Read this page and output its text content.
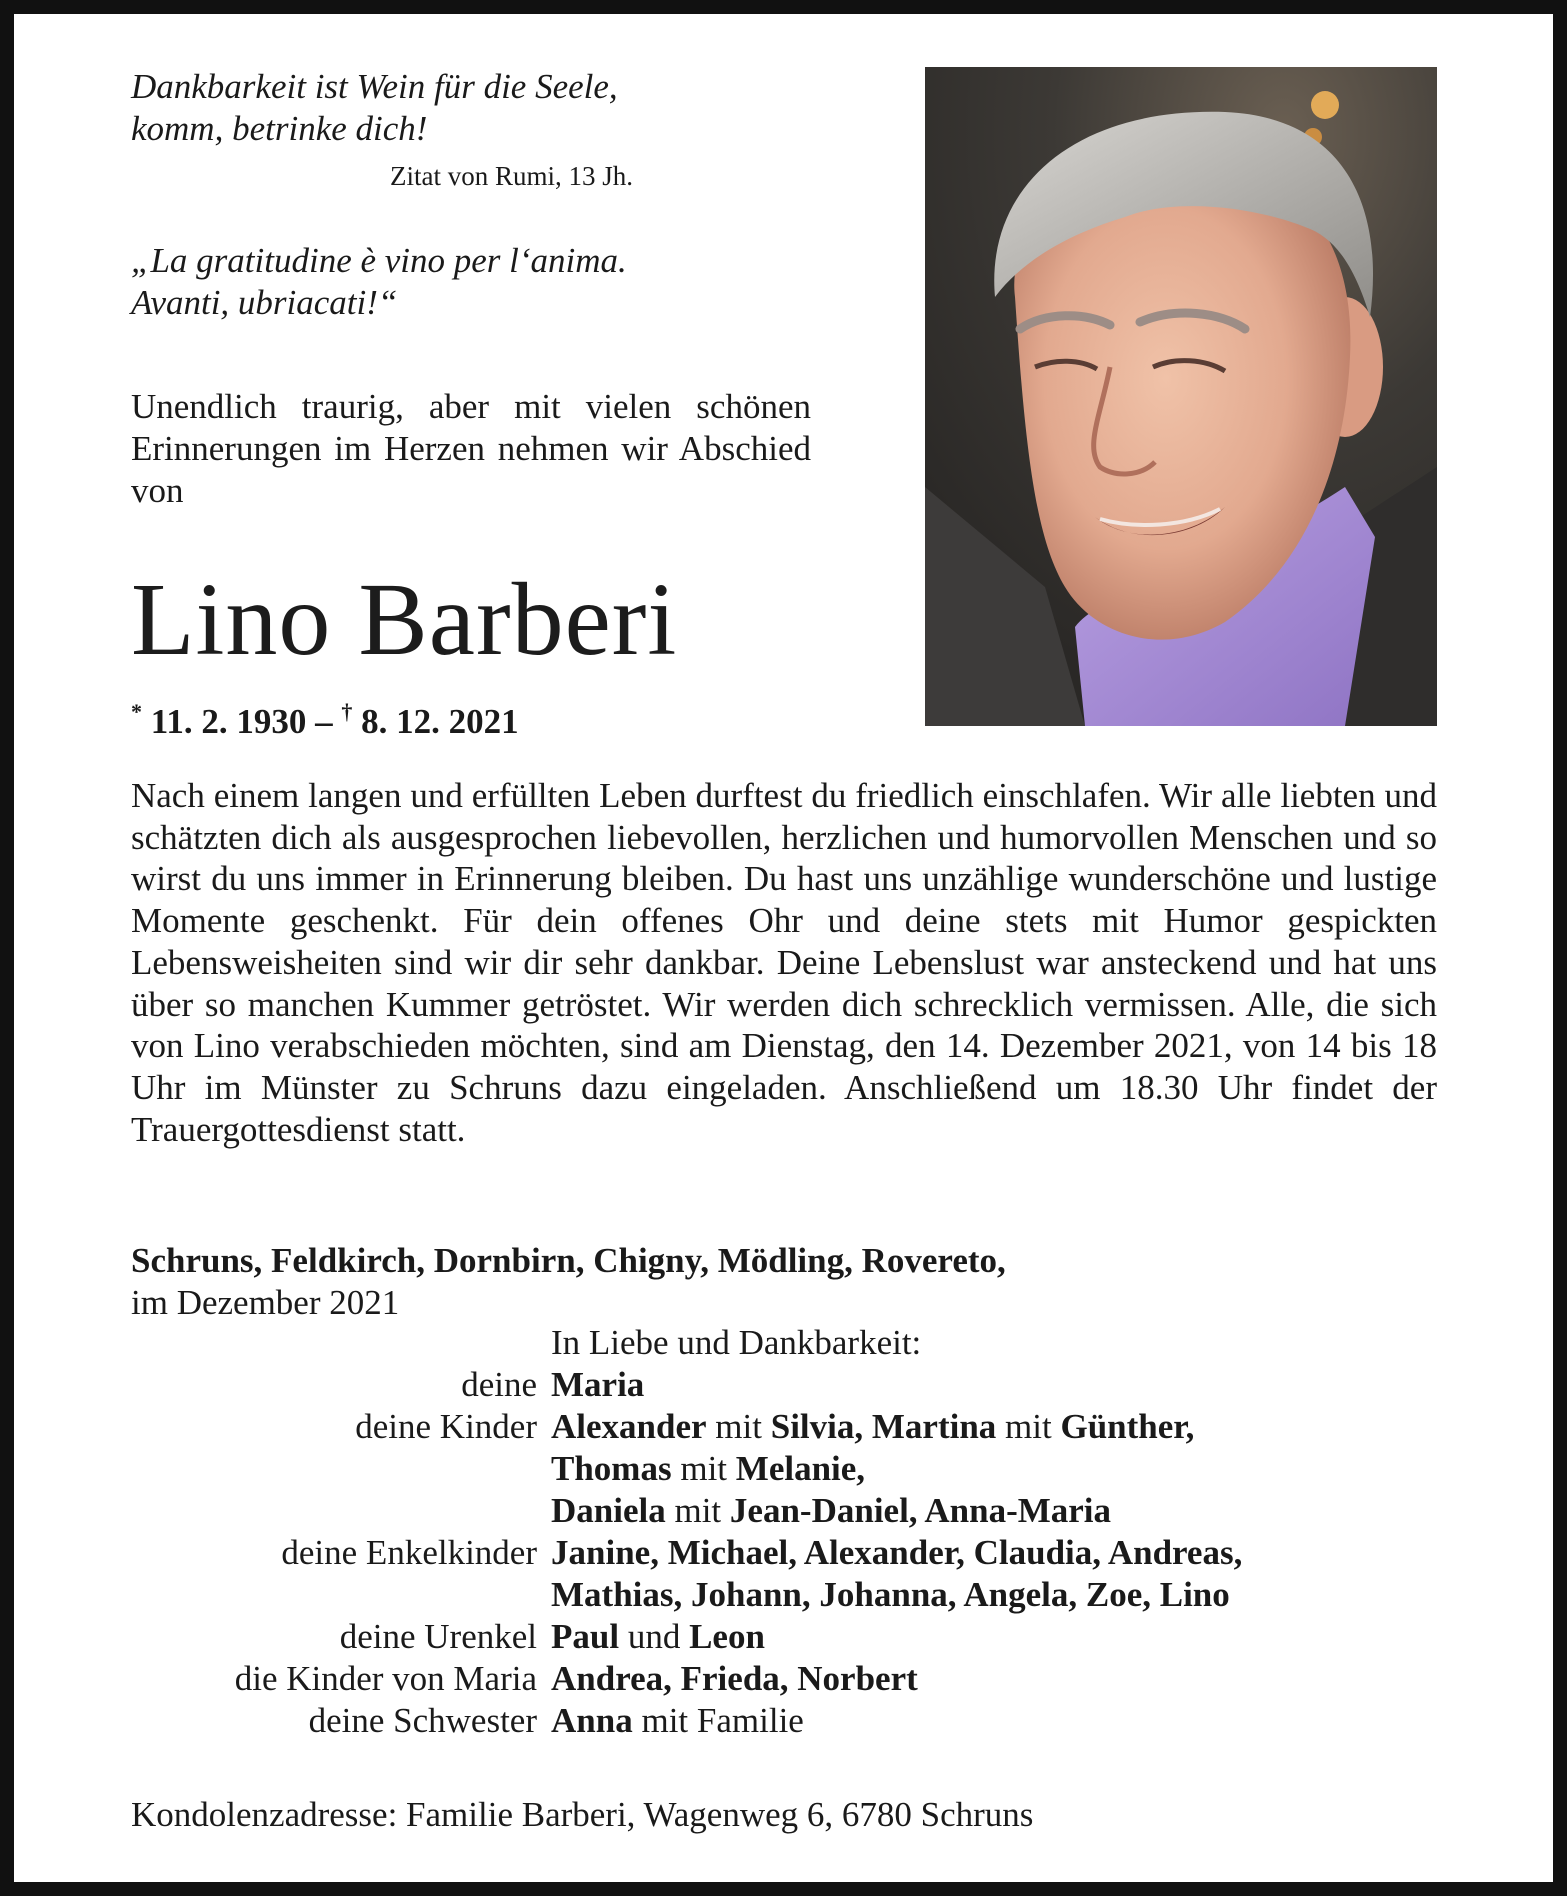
Dankbarkeit ist Wein für die Seele,
komm, betrinke dich!
Zitat von Rumi, 13 Jh.
„La gratitudine è vino per l‘anima.
Avanti, ubriacati!“

Unendlich traurig, aber mit vielen schönen Erinnerungen im Herzen nehmen wir Abschied von

Lino Barberi
* 11. 2. 1930 – † 8. 12. 2021
Nach einem langen und erfüllten Leben durftest du friedlich einschlafen. Wir alle liebten und schätzten dich als ausgesprochen liebevollen, herzlichen und humorvollen Menschen und so wirst du uns immer in Erinnerung bleiben. Du hast uns unzählige wunderschöne und lustige Momente geschenkt. Für dein offenes Ohr und deine stets mit Humor gespickten Lebensweisheiten sind wir dir sehr dankbar. Deine Lebenslust war ansteckend und hat uns über so manchen Kummer getröstet. Wir werden dich schrecklich vermissen. Alle, die sich von Lino verabschieden möchten, sind am Dienstag, den 14. Dezember 2021, von 14 bis 18 Uhr im Münster zu Schruns dazu eingeladen. Anschließend um 18.30 Uhr findet der Trauergottesdienst statt.
Schruns, Feldkirch, Dornbirn, Chigny, Mödling, Rovereto,
im Dezember 2021
In Liebe und Dankbarkeit:
deine Maria
deine Kinder Alexander mit Silvia, Martina mit Günther,
Thomas mit Melanie,
Daniela mit Jean-Daniel, Anna-Maria
deine Enkelkinder Janine, Michael, Alexander, Claudia, Andreas,
Mathias, Johann, Johanna, Angela, Zoe, Lino
deine Urenkel Paul und Leon
die Kinder von Maria Andrea, Frieda, Norbert
deine Schwester Anna mit Familie
Kondolenzadresse: Familie Barberi, Wagenweg 6, 6780 Schruns
